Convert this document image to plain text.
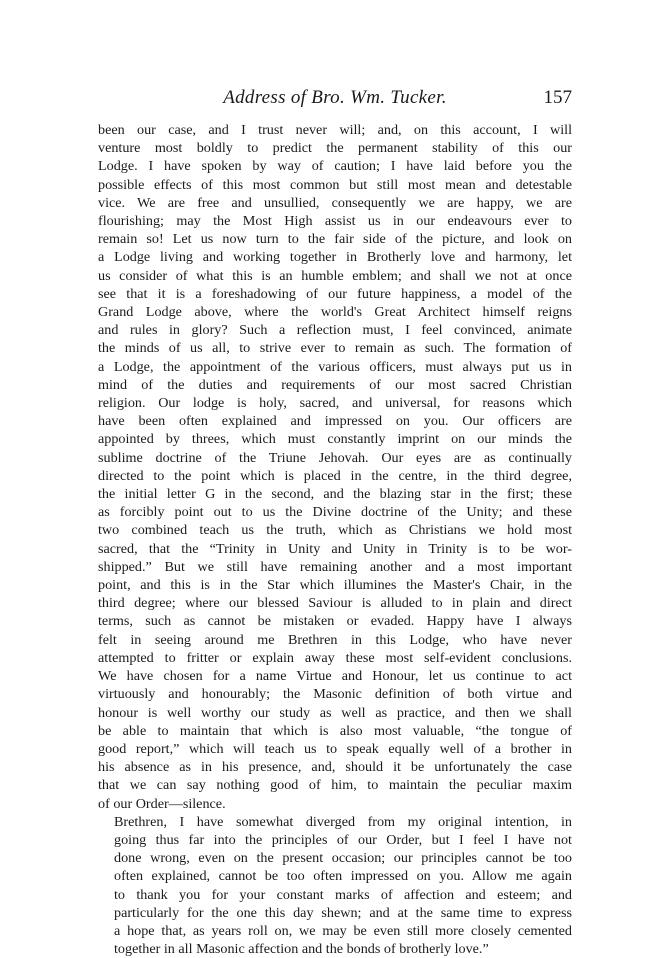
Address of Bro. Wm. Tucker.	157

been our case, and I trust never will; and, on this account, I will
venture most boldly to predict the permanent stability of this our
Lodge. I have spoken by way of caution; I have laid before you the
possible effects of this most common but still most mean and detestable
vice. We are free and unsullied, consequently we are happy, we are
flourishing; may the Most High assist us in our endeavours ever to
remain so! Let us now turn to the fair side of the picture, and look on
a Lodge living and working together in Brotherly love and harmony, let
us consider of what this is an humble emblem; and shall we not at once
see that it is a foreshadowing of our future happiness, a model of the
Grand Lodge above, where the world's Great Architect himself reigns
and rules in glory? Such a reflection must, I feel convinced, animate
the minds of us all, to strive ever to remain as such. The formation of
a Lodge, the appointment of the various officers, must always put us in
mind of the duties and requirements of our most sacred Christian
religion. Our lodge is holy, sacred, and universal, for reasons which
have been often explained and impressed on you. Our officers are
appointed by threes, which must constantly imprint on our minds the
sublime doctrine of the Triune Jehovah. Our eyes are as continually
directed to the point which is placed in the centre, in the third degree,
the initial letter G in the second, and the blazing star in the first; these
as forcibly point out to us the Divine doctrine of the Unity; and these
two combined teach us the truth, which as Christians we hold most
sacred, that the “Trinity in Unity and Unity in Trinity is to be wor-
shipped.” But we still have remaining another and a most important
point, and this is in the Star which illumines the Master's Chair, in the
third degree; where our blessed Saviour is alluded to in plain and direct
terms, such as cannot be mistaken or evaded. Happy have I always
felt in seeing around me Brethren in this Lodge, who have never
attempted to fritter or explain away these most self-evident conclusions.
We have chosen for a name Virtue and Honour, let us continue to act
virtuously and honourably; the Masonic definition of both virtue and
honour is well worthy our study as well as practice, and then we shall
be able to maintain that which is also most valuable, “the tongue of
good report,” which will teach us to speak equally well of a brother in
his absence as in his presence, and, should it be unfortunately the case
that we can say nothing good of him, to maintain the peculiar maxim
of our Order—silence.

Brethren, I have somewhat diverged from my original intention, in
going thus far into the principles of our Order, but I feel I have not
done wrong, even on the present occasion; our principles cannot be too
often explained, cannot be too often impressed on you. Allow me again
to thank you for your constant marks of affection and esteem; and
particularly for the one this day shewn; and at the same time to express
a hope that, as years roll on, we may be even still more closely cemented
together in all Masonic affection and the bonds of brotherly love.”
